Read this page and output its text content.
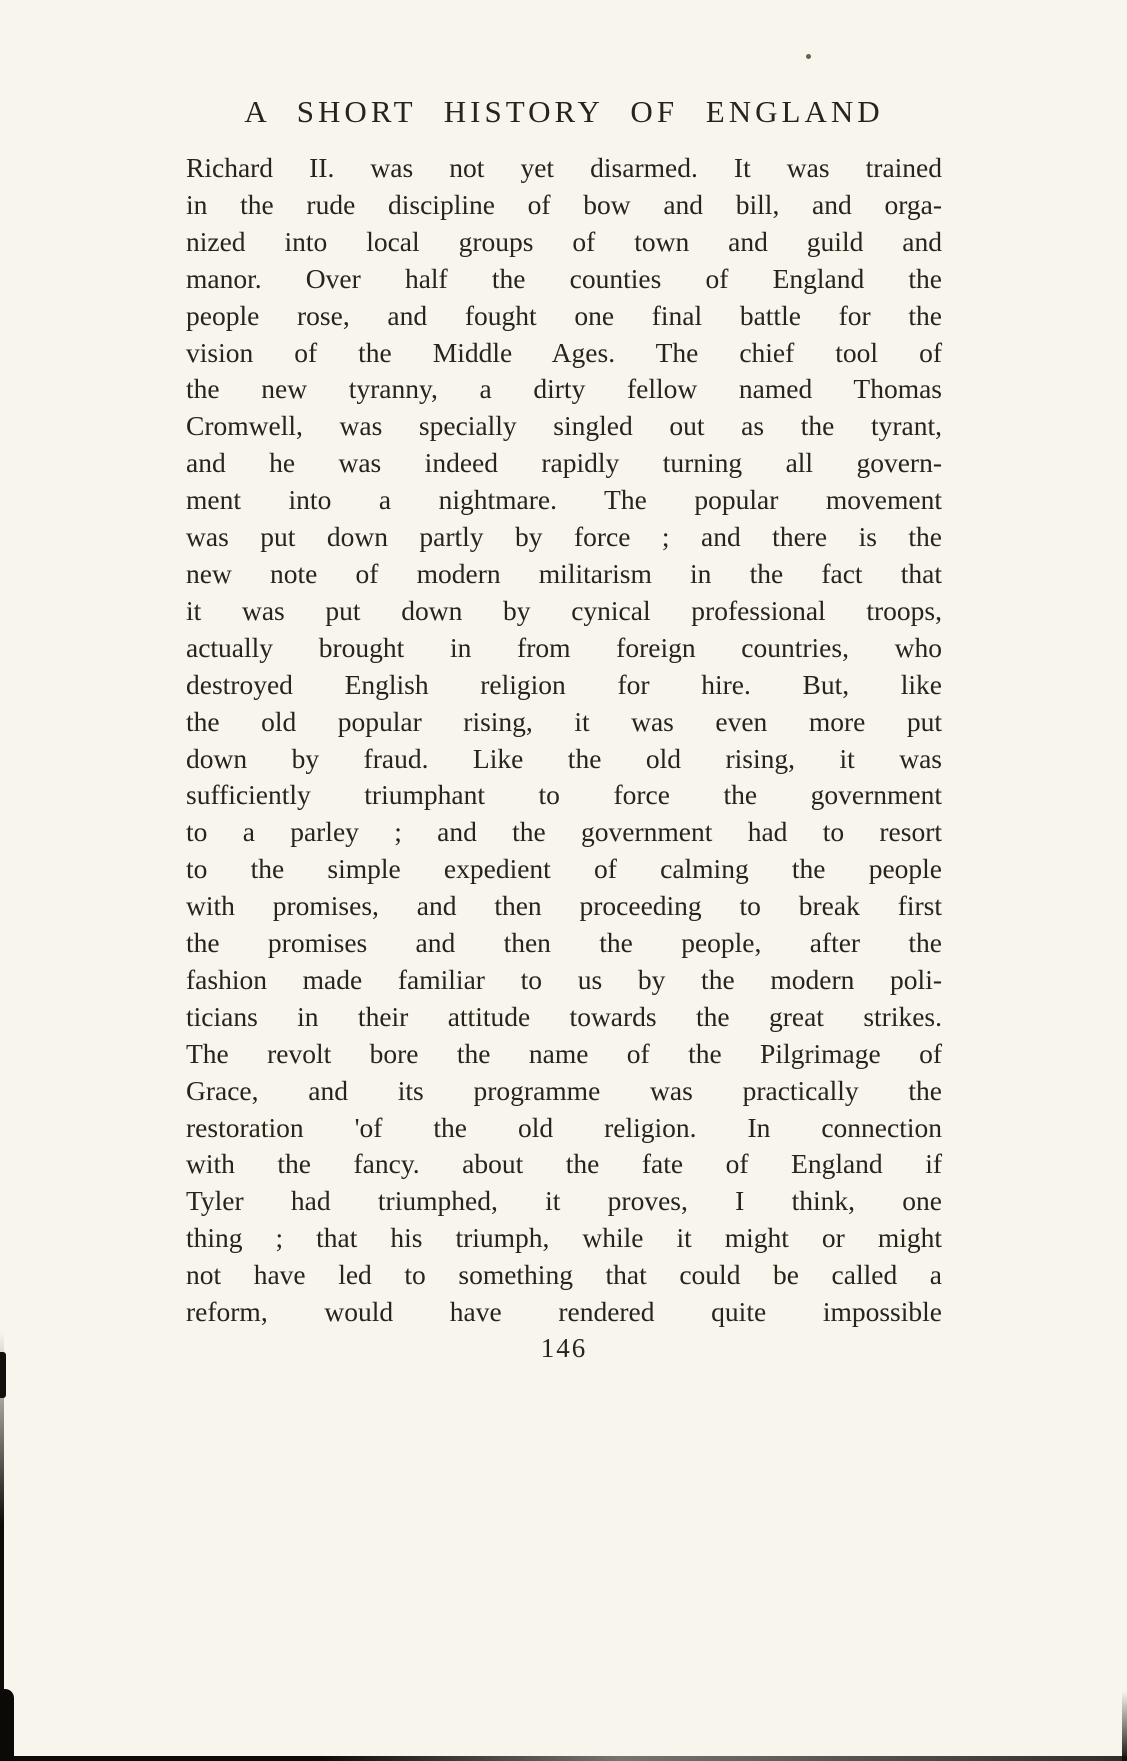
A SHORT HISTORY OF ENGLAND
Richard II. was not yet disarmed. It was trained
in the rude discipline of bow and bill, and orga-
nized into local groups of town and guild and
manor. Over half the counties of England the
people rose, and fought one final battle for the
vision of the Middle Ages. The chief tool of
the new tyranny, a dirty fellow named Thomas
Cromwell, was specially singled out as the tyrant,
and he was indeed rapidly turning all govern-
ment into a nightmare. The popular movement
was put down partly by force ; and there is the
new note of modern militarism in the fact that
it was put down by cynical professional troops,
actually brought in from foreign countries, who
destroyed English religion for hire. But, like
the old popular rising, it was even more put
down by fraud. Like the old rising, it was
sufficiently triumphant to force the government
to a parley ; and the government had to resort
to the simple expedient of calming the people
with promises, and then proceeding to break first
the promises and then the people, after the
fashion made familiar to us by the modern poli-
ticians in their attitude towards the great strikes.
The revolt bore the name of the Pilgrimage of
Grace, and its programme was practically the
restoration 'of the old religion. In connection
with the fancy. about the fate of England if
Tyler had triumphed, it proves, I think, one
thing ; that his triumph, while it might or might
not have led to something that could be called a
reform, would have rendered quite impossible
146
